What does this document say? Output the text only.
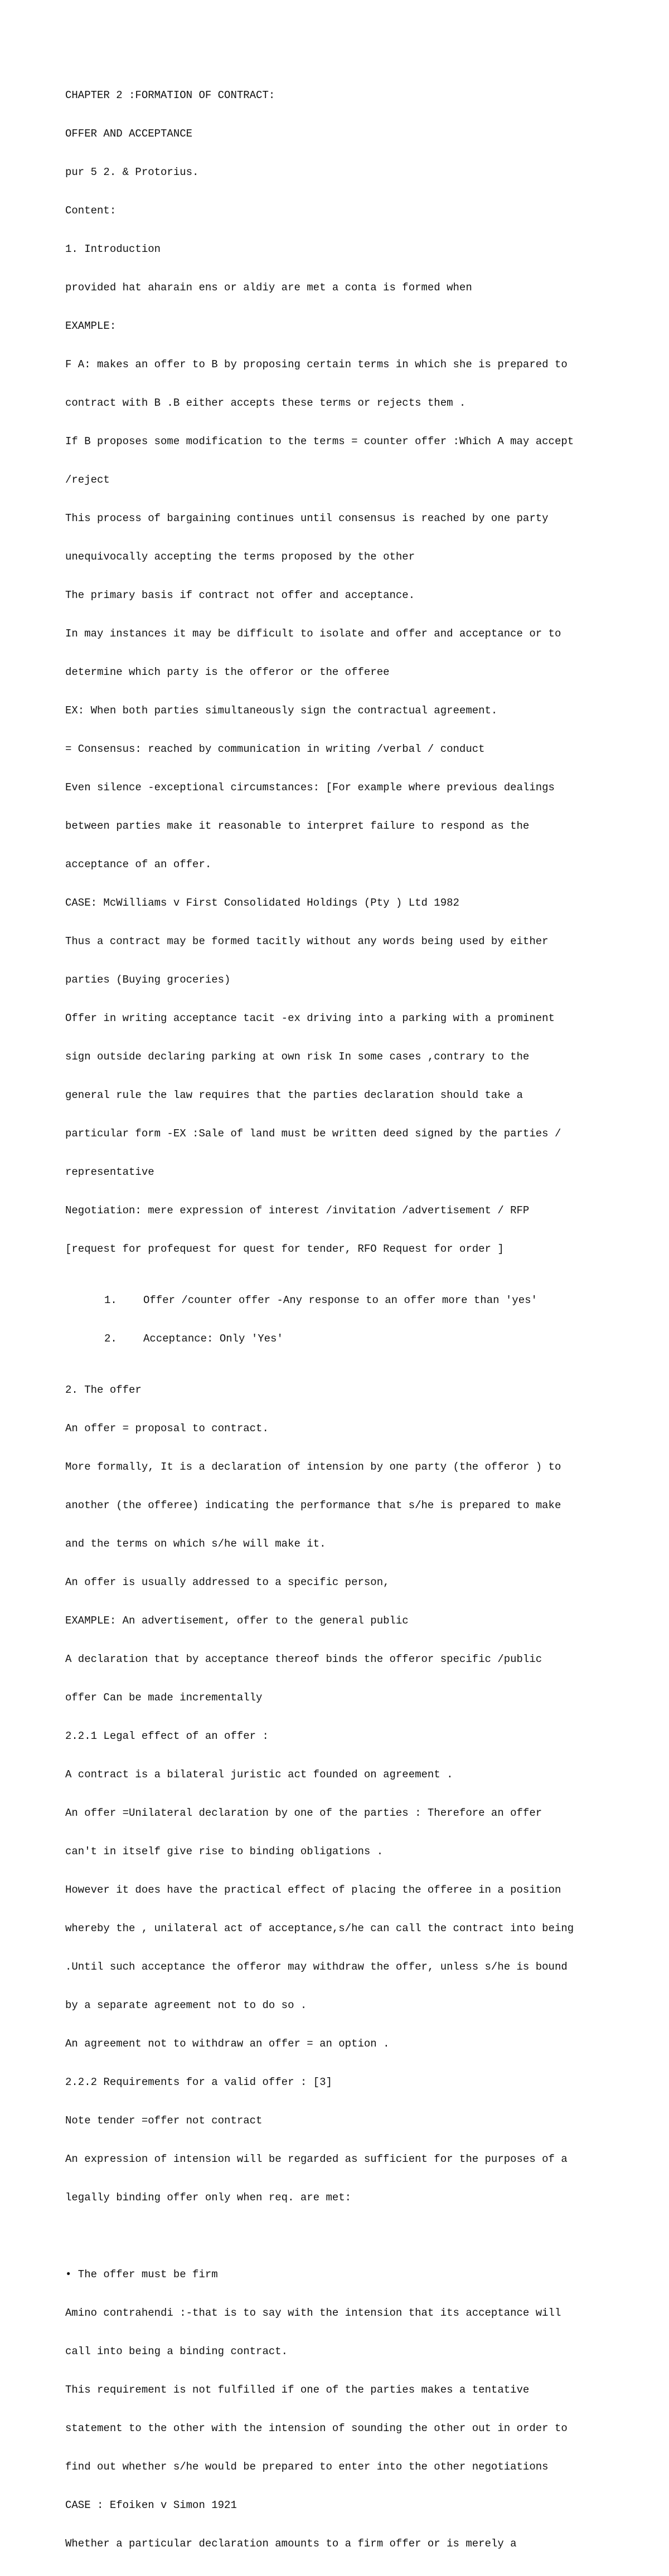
CHAPTER 2 :FORMATION OF CONTRACT:

OFFER AND ACCEPTANCE

pur 5 2. & Protorius.

Content:

1. Introduction

provided hat aharain ens or aldiy are met a conta is formed when

EXAMPLE:

F A: makes an offer to B by proposing certain terms in which she is prepared to

contract with B .B either accepts these terms or rejects them .

If B proposes some modification to the terms = counter offer :Which A may accept

/reject

This process of bargaining continues until consensus is reached by one party

unequivocally accepting the terms proposed by the other

The primary basis if contract not offer and acceptance.

In may instances it may be difficult to isolate and offer and acceptance or to

determine which party is the offeror or the offeree

EX: When both parties simultaneously sign the contractual agreement.

= Consensus: reached by communication in writing /verbal / conduct

Even silence -exceptional circumstances: [For example where previous dealings

between parties make it reasonable to interpret failure to respond as the

acceptance of an offer.

CASE: McWilliams v First Consolidated Holdings (Pty ) Ltd 1982

Thus a contract may be formed tacitly without any words being used by either

parties (Buying groceries)

Offer in writing acceptance tacit -ex driving into a parking with a prominent

sign outside declaring parking at own risk In some cases ,contrary to the

general rule the law requires that the parties declaration should take a

particular form -EX :Sale of land must be written deed signed by the parties /

representative

Negotiation: mere expression of interest /invitation /advertisement / RFP

[request for profequest for quest for tender, RFO Request for order ]

1. Offer /counter offer -Any response to an offer more than 'yes'

2. Acceptance: Only 'Yes'

2. The offer

An offer = proposal to contract.

More formally, It is a declaration of intension by one party (the offeror ) to

another (the offeree) indicating the performance that s/he is prepared to make

and the terms on which s/he will make it.

An offer is usually addressed to a specific person,

EXAMPLE: An advertisement, offer to the general public

A declaration that by acceptance thereof binds the offeror specific /public

offer Can be made incrementally

2.2.1 Legal effect of an offer :

A contract is a bilateral juristic act founded on agreement .

An offer =Unilateral declaration by one of the parties : Therefore an offer

can't in itself give rise to binding obligations .

However it does have the practical effect of placing the offeree in a position

whereby the , unilateral act of acceptance,s/he can call the contract into being

.Until such acceptance the offeror may withdraw the offer, unless s/he is bound

by a separate agreement not to do so .

An agreement not to withdraw an offer = an option .

2.2.2 Requirements for a valid offer : [3]

Note tender =offer not contract

An expression of intension will be regarded as sufficient for the purposes of a

legally binding offer only when req. are met:

• The offer must be firm

Amino contrahendi :-that is to say with the intension that its acceptance will

call into being a binding contract.

This requirement is not fulfilled if one of the parties makes a tentative

statement to the other with the intension of sounding the other out in order to

find out whether s/he would be prepared to enter into the other negotiations

CASE : Efoiken v Simon 1921

Whether a particular declaration amounts to a firm offer or is merely a
